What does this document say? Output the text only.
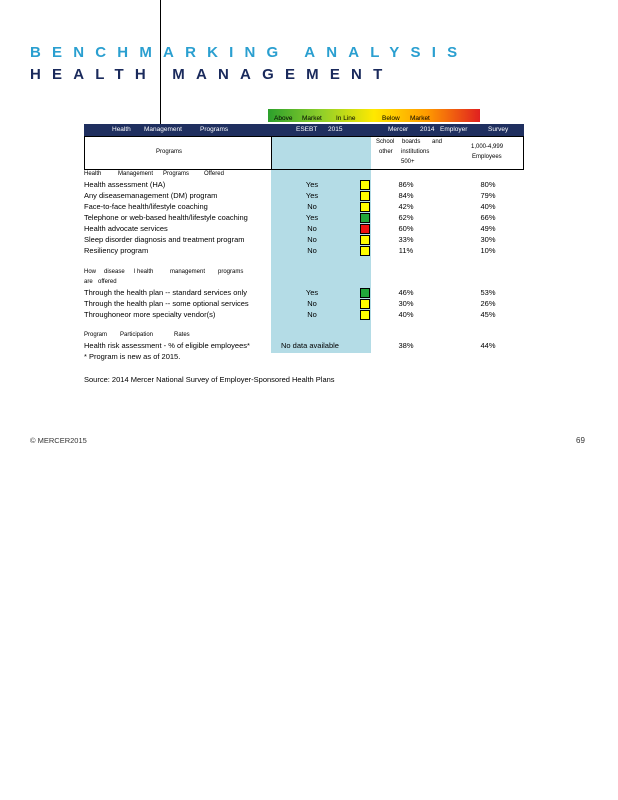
BENCHMARKING ANALYSIS
HEALTH MANAGEMENT
Above Market In Line	Below Market
Health Management	Programs	ESEBT 2015	Mercer 2014 Employer	Survey
Programs
School boards and
other institutions
500+
1,000-4,999
Employees
Health	Management Programs Offered
Health assessment (HA)	Yes	86%	80%
Any diseasemanagement (DM) program	Yes	84%	79%
Face-to-face health/lifestyle coaching	No	42%	40%
Telephone or web-based health/lifestyle coaching	Yes	62%	66%
Health advocate services	No	60%	49%
Sleep disorder diagnosis and treatment program	No	33%	30%
Resiliency program	No	11%	10%
How disease l health	management programs
are offered
Through the health plan -- standard services only	Yes	46%	53%
Through the health plan -- some optional services	No	30%	26%
Throughoneor more specialty vendor(s)	No	40%	45%
Program Participation	Rates
Health risk assessment - % of eligible employees*	No data available	38%	44%
* Program is new as of 2015.
Source: 2014 Mercer National Survey of Employer-Sponsored Health Plans
© MERCER2015	69
